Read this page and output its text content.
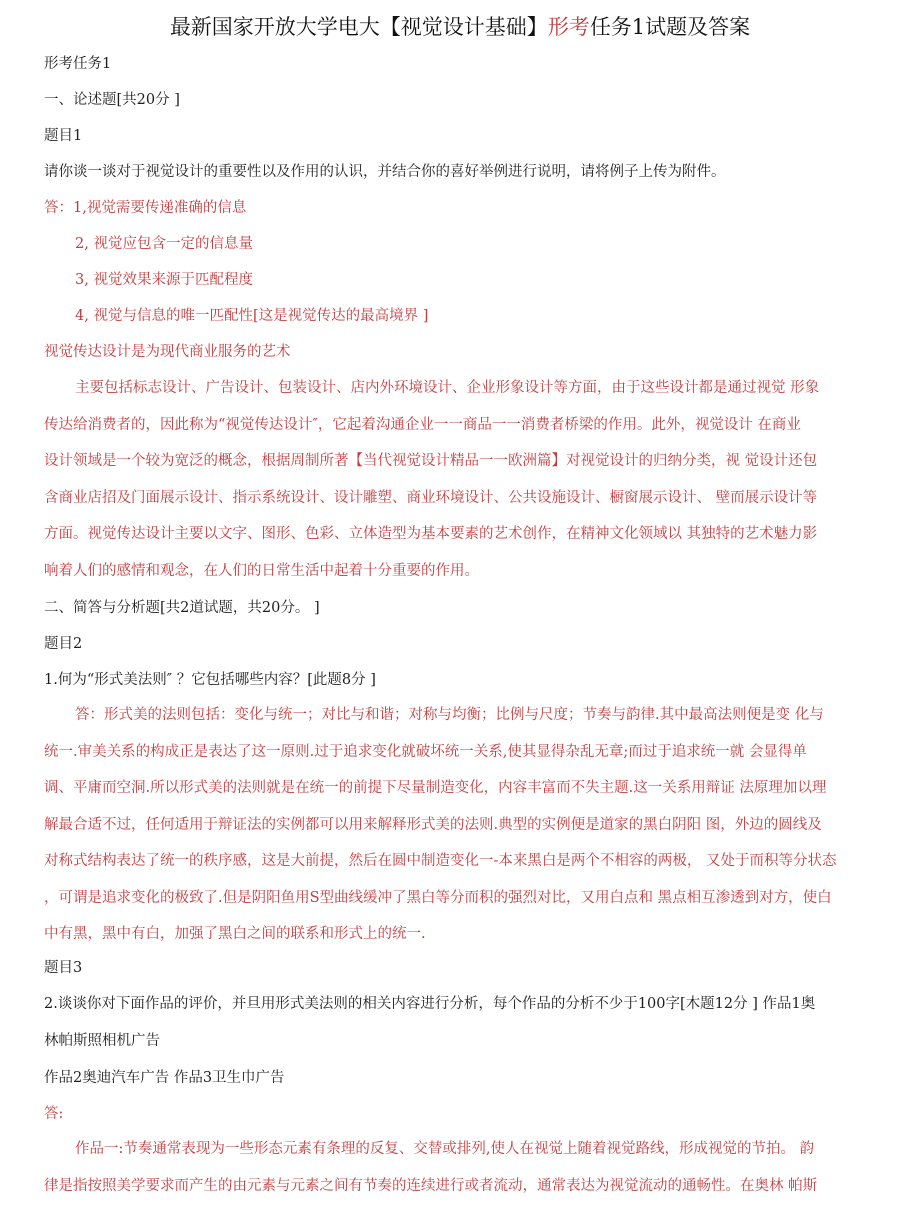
最新国家开放大学电大【视觉设计基础】形考任务1试题及答案
形考任务1
一、论述题[共20分 ]
题目1
请你谈一谈对于视觉设计的重要性以及作用的认识，并结合你的喜好举例进行说明，请将例子上传为附件。
答：1,视觉需要传递准确的信息
2, 视觉应包含一定的信息量
3, 视觉效果来源于匹配程度
4, 视觉与信息的唯一匹配性[这是视觉传达的最高境界 ]
视觉传达设计是为现代商业服务的艺术
主要包括标志设计、广告设计、包装设计、店内外环境设计、企业形象设计等方面，由于这些设计都是通过视觉 形象
传达给消费者的，因此称为“视觉传达设计″，它起着沟通企业一一商品一一消费者桥梁的作用。此外，视觉设计 在商业
设计领域是一个较为宽泛的概念，根据周制所著【当代视觉设计精品一一欧洲篇】对视觉设计的归纳分类，视 觉设计还包
含商业店招及门面展示设计、指示系统设计、设计雕塑、商业环境设计、公共设施设计、橱窗展示设计、 壁而展示设计等
方面。视觉传达设计主要以文字、图形、色彩、立体造型为基本要素的艺术创作，在精神文化领域以 其独特的艺术魅力影
响着人们的感情和观念，在人们的日常生活中起着十分重要的作用。
二、简答与分析题[共2道试题，共20分。 ]
题目2
1.何为“形式美法则″ ？它包括哪些内容？[此题8分 ]
答：形式美的法则包括：变化与统一；对比与和谐；对称与均衡；比例与尺度；节奏与韵律.其中最高法则便是变 化与
统一.审美关系的构成正是表达了这一原则.过于追求变化就破坏统一关系,使其显得杂乱无章;而过于追求统一就 会显得单
调、平庸而空洞.所以形式美的法则就是在统一的前提下尽量制造变化，内容丰富而不失主题.这一关系用辩证 法原理加以理
解最合适不过，任何适用于辩证法的实例都可以用来解释形式美的法则.典型的实例便是道家的黑白阴阳 图，外边的圆线及
对称式结构表达了统一的秩序感，这是大前提，然后在圆中制造变化一-本来黑白是两个不相容的两极， 又处于而积等分状态
，可谓是追求变化的极致了.但是阴阳鱼用S型曲线缓冲了黑白等分而积的强烈对比，又用白点和 黑点相互渗透到对方，使白
中有黑，黑中有白，加强了黑白之间的联系和形式上的统一.
题目3
2.谈谈你对下面作品的评价，并旦用形式美法则的相关内容进行分析，每个作品的分析不少于100字[木题12分 ] 作品1奥
林帕斯照相机广告
作品2奥迪汽车广告 作品3卫生巾广告
答:
作品一:节奏通常表现为一些形态元素有条理的反复、交替或排列,使人在视觉上随着视觉路线，形成视觉的节拍。 韵
律是指按照美学要求而产生的由元素与元素之间有节奏的连续进行或者流动，通常表达为视觉流动的通畅性。在奥林 帕斯
